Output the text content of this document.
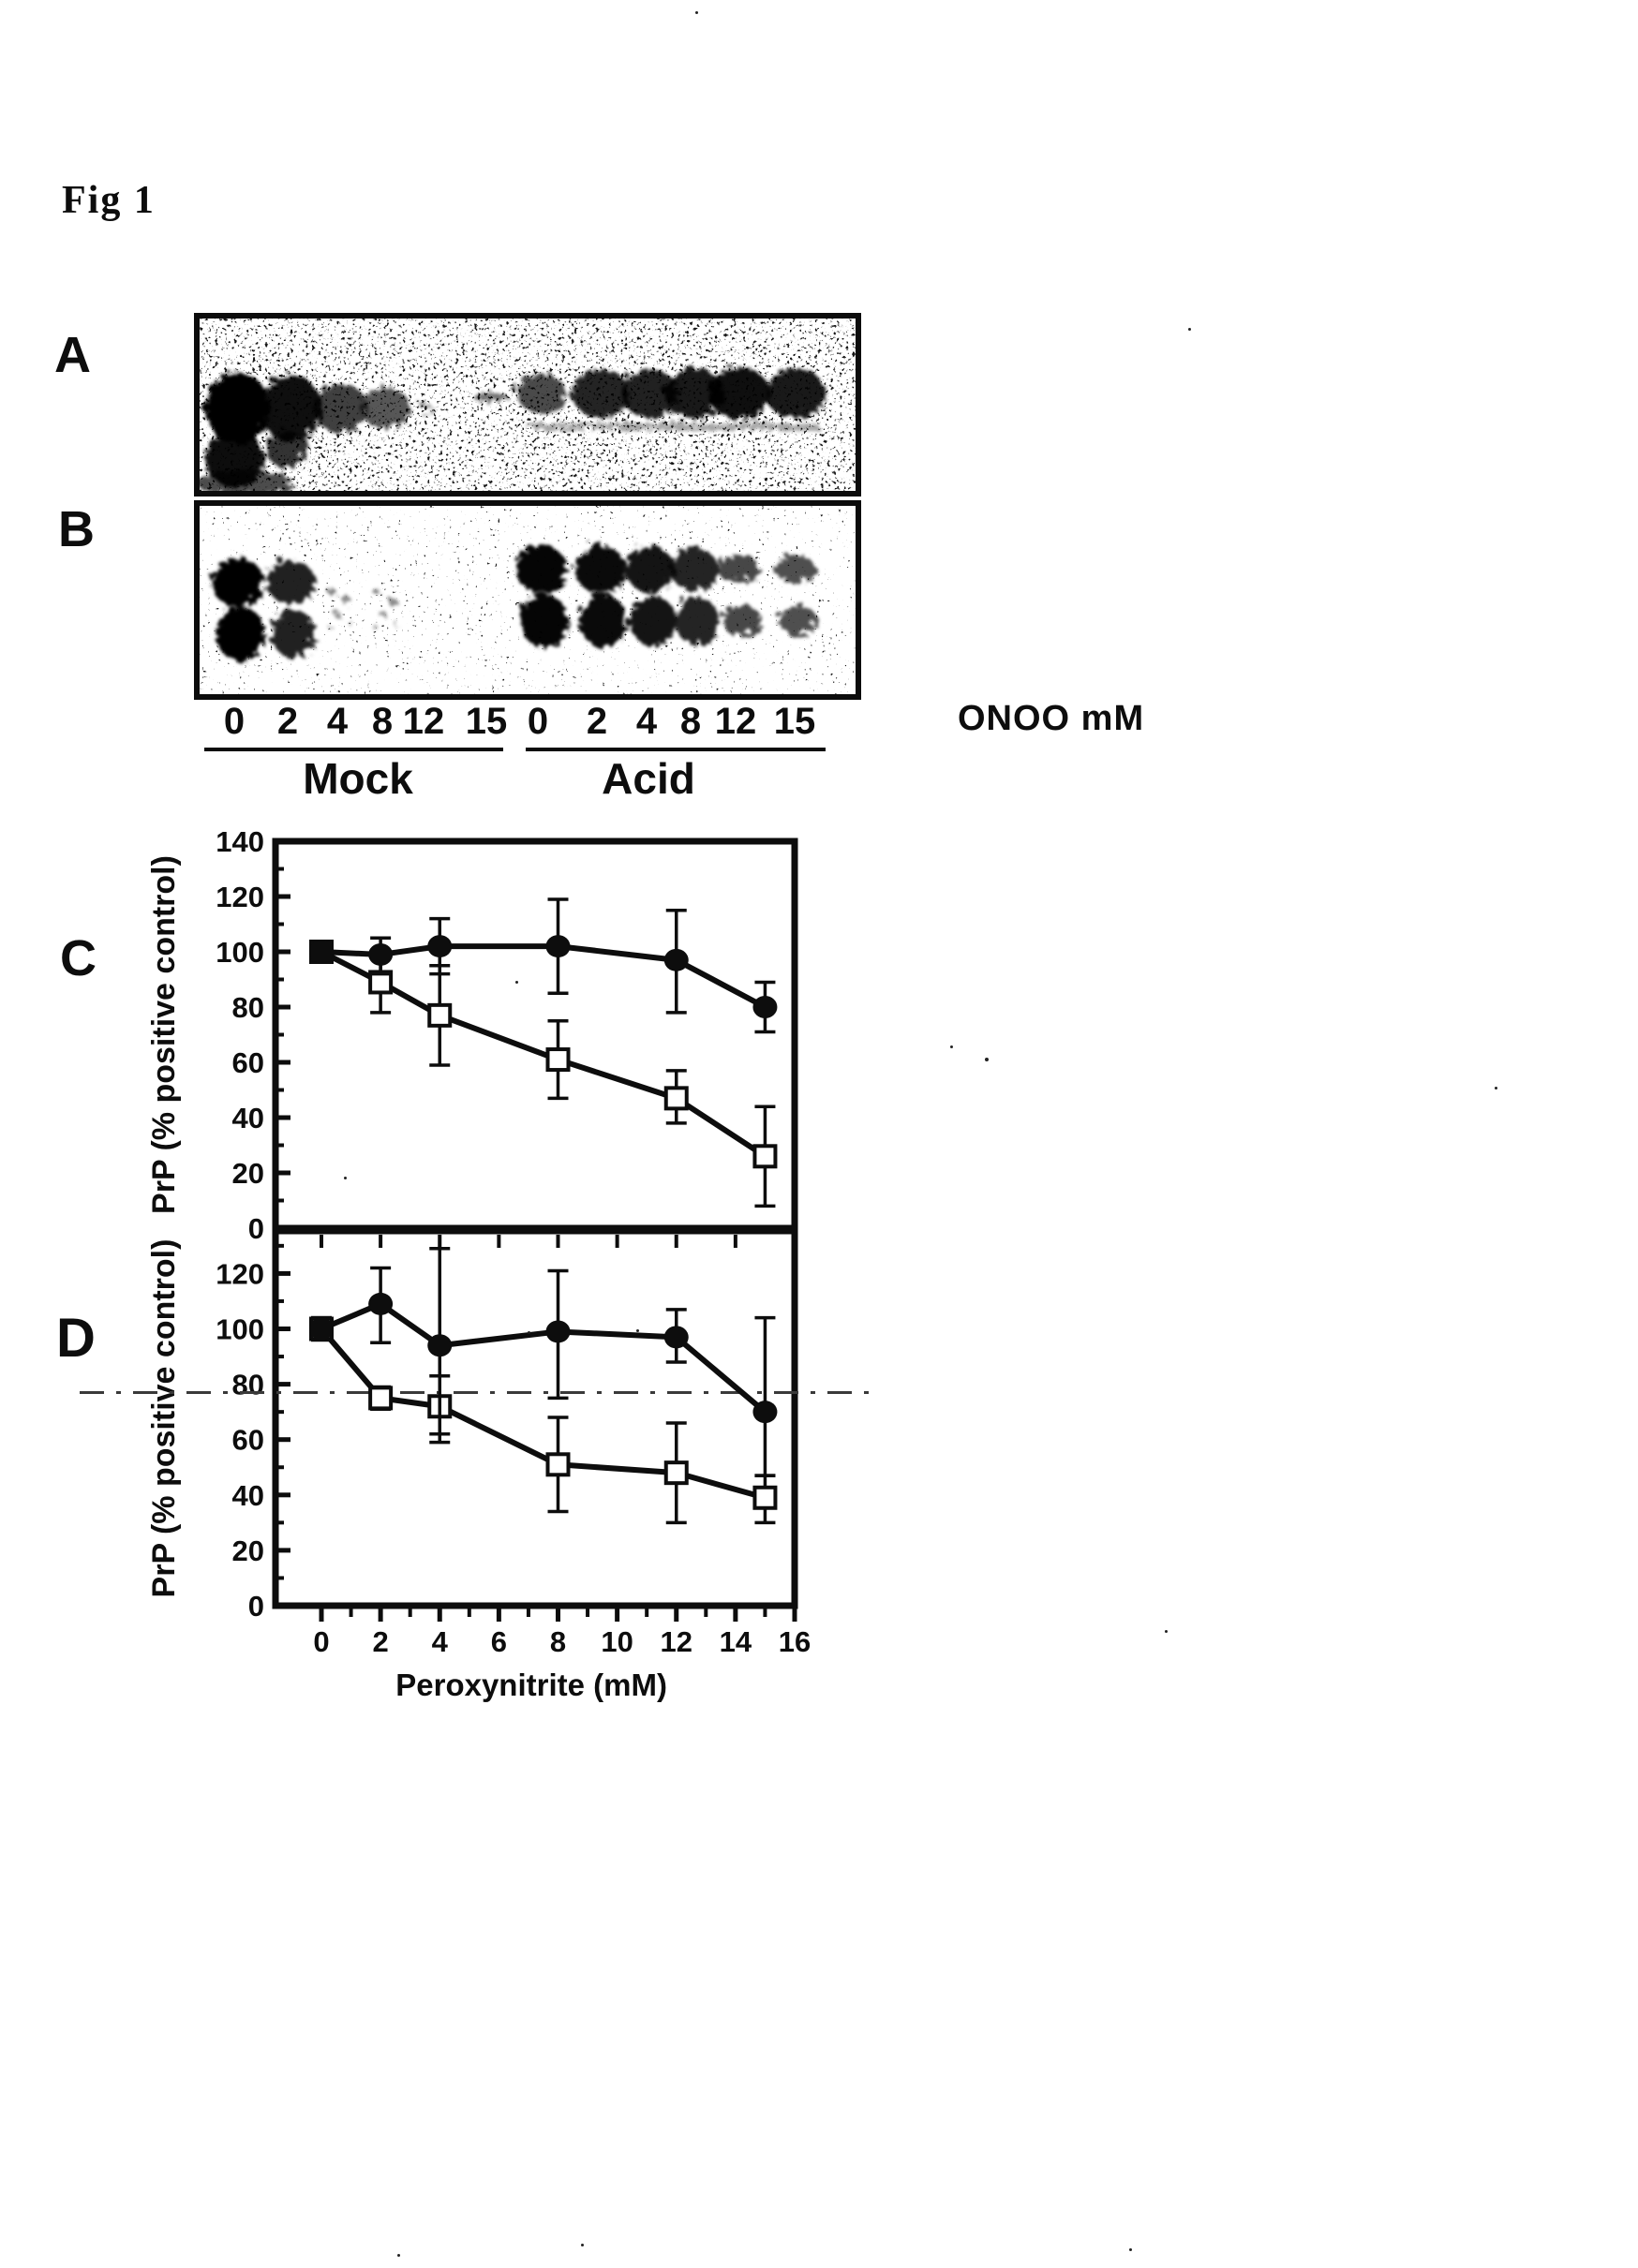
0
20
40
60
80
100
120
140
PrP (% positive control)
0
20
40
60
80
100
120
PrP (% positive control)
0 2 4 6 8 10 12 14 16
Peroxynitrite (mM)
Fig 1
A
B
C
D
0 2 4 8 12 15 0	2 4 8 12 15
Mock	Acid
ONOO mM
